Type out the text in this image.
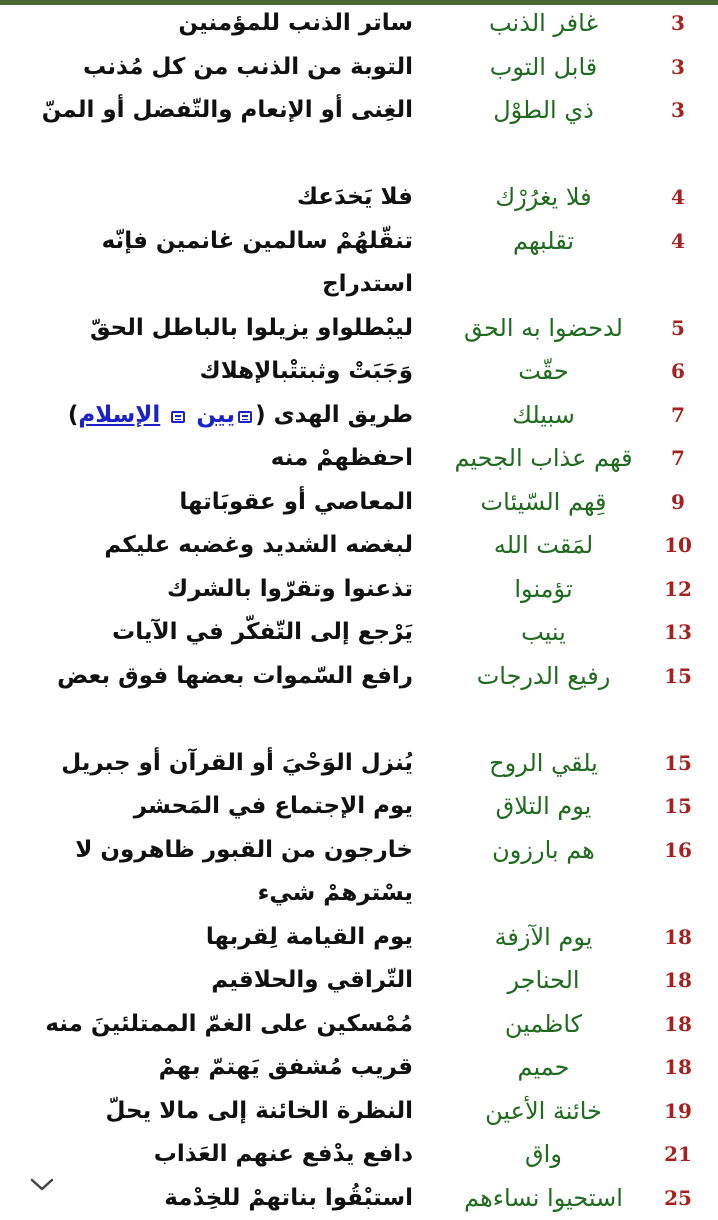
3
غافر الذنب
ساتر الذنب للمؤمنين
3
قابل التوب
التوبة من الذنب من كل مُذنب
3
ذي الطوْل
الغِنى أو الإنعام والتّفضل أو المنّ
4
فلا يغرُرْك
فلا يَخدَعك
4
تقلبهم
تنقّلهُمْ سالمين غانمين فإنّه استدراج
5
لدحضوا به الحق
ليبْطلواو يزيلوا بالباطل الحقّ
6
حقّت
وَجَبَتْ وثبتتْبالإهلاك
7
سبيلك
طريق الهدى (يين  الإسلام)
7
قهم عذاب الجحيم
احفظهمْ منه
9
قِهم السّيئات
المعاصي أو عقوبَاتها
10
لمَقت الله
لبغضه الشديد وغضبه عليكم
12
تؤمنوا
تذعنوا وتقرّوا بالشرك
13
ينيب
يَرْجع إلى التّفكّر في الآيات
15
رفيع الدرجات
رافع السّموات بعضها فوق بعض
15
يلقي الروح
يُنزل الوَحْيَ أو القرآن أو جبريل
15
يوم التلاق
يوم الإجتماع في المَحشر
16
هم بارزون
خارجون من القبور ظاهرون لا يسْترهمْ شيء
18
يوم الآزفة
يوم القيامة لِقربها
18
الحناجر
التّراقي والحلاقيم
18
كاظمين
مُمْسكين على الغمّ الممتلئينَ منه
18
حميم
قريب مُشفق يَهتمّ بهمْ
19
خائنة الأعين
النظرة الخائنة إلى مالا يحلّ
21
واق
دافع يدْفع عنهم العَذاب
25
استحيوا نساءهم
استبْقُوا بناتهمْ للخِدْمة
